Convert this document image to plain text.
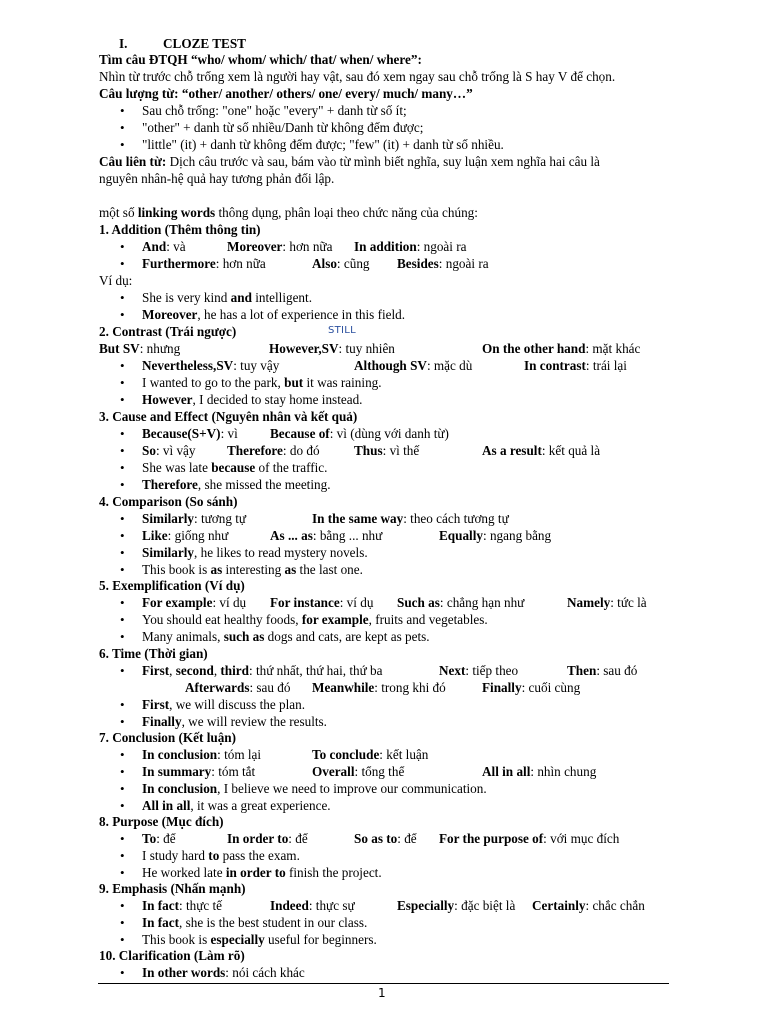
I.	CLOZE TEST
Tìm câu ĐTQH “who/ whom/ which/ that/ when/ where”:
Nhìn từ trước chỗ trống xem là người hay vật, sau đó xem ngay sau chỗ trống là S hay V để chọn.
Câu lượng từ: “other/ another/ others/ one/ every/ much/ many…”
• Sau chỗ trống: "one" hoặc "every" + danh từ số ít;
• "other" + danh từ số nhiều/Danh từ không đếm được;
• "little" (it) + danh từ không đếm được; "few" (it) + danh từ số nhiều.
Câu liên từ: Dịch câu trước và sau, bám vào từ mình biết nghĩa, suy luận xem nghĩa hai câu là
nguyên nhân-hệ quả hay tương phản đối lập.
một số linking words thông dụng, phân loại theo chức năng của chúng:
1. Addition (Thêm thông tin)
And: và	Moreover: hơn nữa In addition: ngoài ra
Furthermore: hơn nữa	Also: cũng Besides: ngoài ra
Ví dụ:
• She is very kind and intelligent.
• Moreover, he has a lot of experience in this field.
2. Contrast (Trái ngược)	STILL
But SV: nhưng	However,SV: tuy nhiên	On the other hand: mặt khác
Nevertheless,SV: tuy vậy	Although SV: mặc dù	In contrast: trái lại
• I wanted to go to the park, but it was raining.
• However, I decided to stay home instead.
3. Cause and Effect (Nguyên nhân và kết quả)
Because(S+V): vì Because of: vì (dùng với danh từ)
So: vì vậy Therefore: do đó	Thus: vì thế	As a result: kết quả là
• She was late because of the traffic.
• Therefore, she missed the meeting.
4. Comparison (So sánh)
Similarly: tương tự	In the same way: theo cách tương tự
Like: giống như	As ... as: bằng ... như	Equally: ngang bằng
• Similarly, he likes to read mystery novels.
• This book is as interesting as the last one.
5. Exemplification (Ví dụ)
For example: ví dụ For instance: ví dụ Such as: chẳng hạn như	Namely: tức là
• You should eat healthy foods, for example, fruits and vegetables.
• Many animals, such as dogs and cats, are kept as pets.
6. Time (Thời gian)
First, second, third: thứ nhất, thứ hai, thứ ba	Next: tiếp theo	Then: sau đó
Afterwards: sau đó Meanwhile: trong khi đó	Finally: cuối cùng
• First, we will discuss the plan.
• Finally, we will review the results.
7. Conclusion (Kết luận)
In conclusion: tóm lại	To conclude: kết luận
In summary: tóm tắt	Overall: tổng thể	All in all: nhìn chung
• In conclusion, I believe we need to improve our communication.
• All in all, it was a great experience.
8. Purpose (Mục đích)
To: để	In order to: để	So as to: để For the purpose of: với mục đích
• I study hard to pass the exam.
• He worked late in order to finish the project.
9. Emphasis (Nhấn mạnh)
In fact: thực tế	Indeed: thực sự	Especially: đặc biệt là Certainly: chắc chắn
• In fact, she is the best student in our class.
• This book is especially useful for beginners.
10. Clarification (Làm rõ)
• In other words: nói cách khác
1
